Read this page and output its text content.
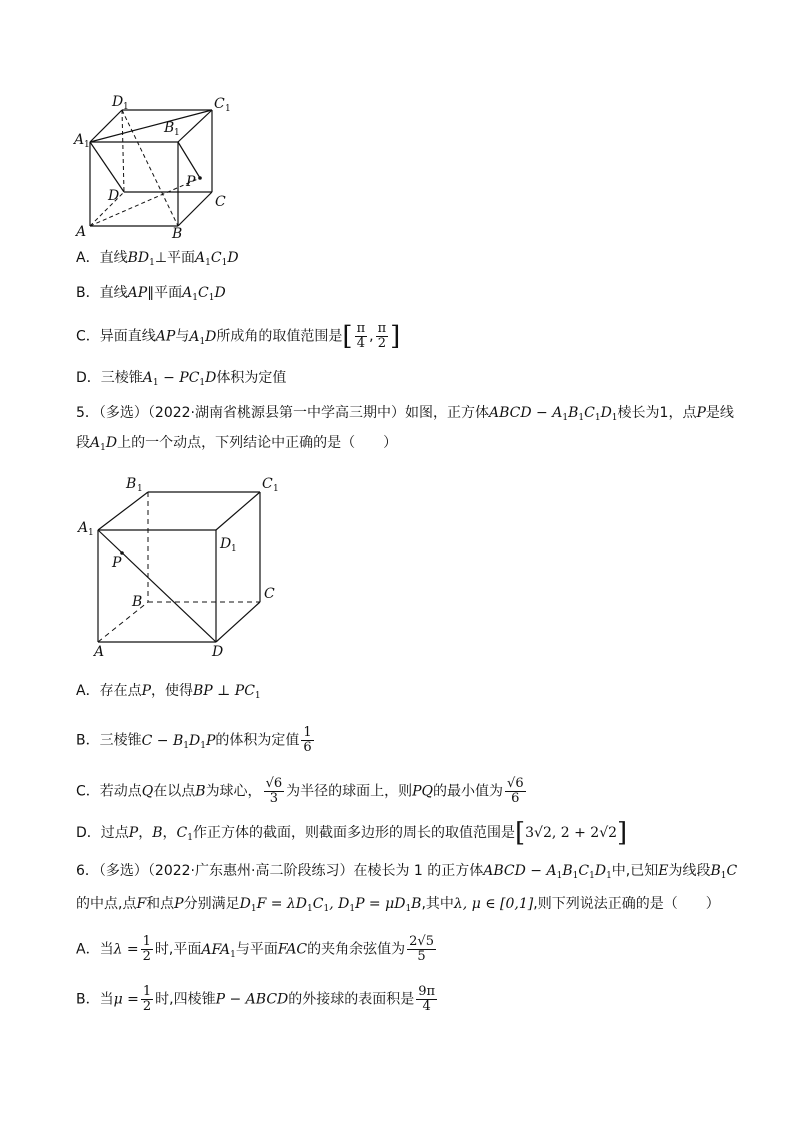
D 1	C 1
A 1
B 1
P
D	C
A	B
A．直线$BD_1\perp$平面$A_1C_1D$
B．直线AP∥平面$A_1C_1D$
C．异面直线AP与$A_1D$所成角的取值范围是[ $\frac{\pi}{4}$ , $\frac{\pi}{2}$ ]
D．三棱锥$A_1 - PC_1D$体积为定值
5．（多选）（2022·湖南省桃源县第一中学高三期中）如图，正方体ABCD − $A_1B_1C_1D_1$棱长为1，点P是线
段$A_1D$上的一个动点，下列结论中正确的是（　　）
B 1	C 1
A 1
D 1
P
B	C
A	D
A．存在点P，使得BP ⊥ $PC_1$
B．三棱锥$C - B_1D_1P$的体积为定值 $\frac{1}{6}$
C．若动点Q在以点B为球心， $\frac{√6}{3}$ 为半径的球面上，则PQ的最小值为 $\frac{√6}{6}$
D．过点P，B，$C_1$作正方体的截面，则截面多边形的周长的取值范围是[3√2, 2 + 2√2]
6．（多选）（2022·广东惠州·高二阶段练习）在棱长为 1 的正方体ABCD − $A_1B_1C_1D_1$中,已知E为线段$B_1C$
的中点,点F和点P分别满足$D_1F = \lambda D_1C_1$, $D_1P = \mu D_1B$,其中λ, μ ∈ [0,1],则下列说法正确的是（　　）
A．当$\lambda = \frac{1}{2}$ 时,平面$AFA_1$与平面FAC的夹角余弦值为 $\frac{2√5}{5}$
B．当$\mu = \frac{1}{2}$ 时,四棱锥P − ABCD的外接球的表面积是 $\frac{9\pi}{4}$
